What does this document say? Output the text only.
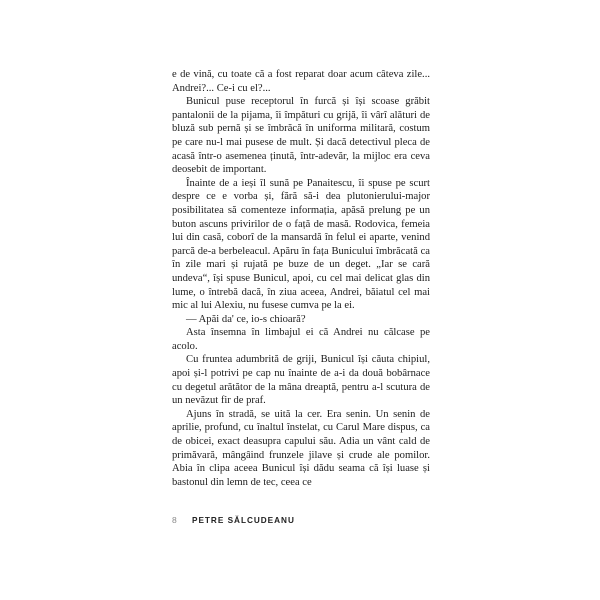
e de vină, cu toate că a fost reparat doar acum câteva zile... Andrei?... Ce-i cu el?...

Bunicul puse receptorul în furcă și își scoase grăbit pantalonii de la pijama, îi împături cu grijă, îi vârî alături de bluză sub pernă și se îmbrăcă în uniforma militară, costum pe care nu-l mai pusese de mult. Și dacă detectivul pleca de acasă într-o asemenea ținută, într-adevăr, la mijloc era ceva deosebit de important.

Înainte de a ieși îl sună pe Panaitescu, îi spuse pe scurt despre ce e vorba și, fără să-i dea plutonierului-major posibilitatea să comenteze informația, apăsă prelung pe un buton ascuns privirilor de o față de masă. Rodovica, femeia lui din casă, coborî de la mansardă în felul ei aparte, venind parcă de-a berbeleacul. Apăru în fața Bunicului îmbrăcată ca în zile mari și rujată pe buze de un deget. „Iar se cară undeva“, își spuse Bunicul, apoi, cu cel mai delicat glas din lume, o întrebă dacă, în ziua aceea, Andrei, băiatul cel mai mic al lui Alexiu, nu fusese cumva pe la ei.

— Apăi da' ce, io-s chioară?

Asta însemna în limbajul ei că Andrei nu călcase pe acolo.

Cu fruntea adumbrită de griji, Bunicul își căuta chipiul, apoi și-l potrivi pe cap nu înainte de a-i da două bobârnace cu degetul arătător de la mâna dreaptă, pentru a-l scutura de un nevăzut fir de praf.

Ajuns în stradă, se uită la cer. Era senin. Un senin de aprilie, profund, cu înaltul înstelat, cu Carul Mare dispus, ca de obicei, exact deasupra capului său. Adia un vânt cald de primăvară, mângâind frunzele jilave și crude ale pomilor. Abia în clipa aceea Bunicul își dădu seama că își luase și bastonul din lemn de tec, ceea ce

8	PETRE SĂLCUDEANU
